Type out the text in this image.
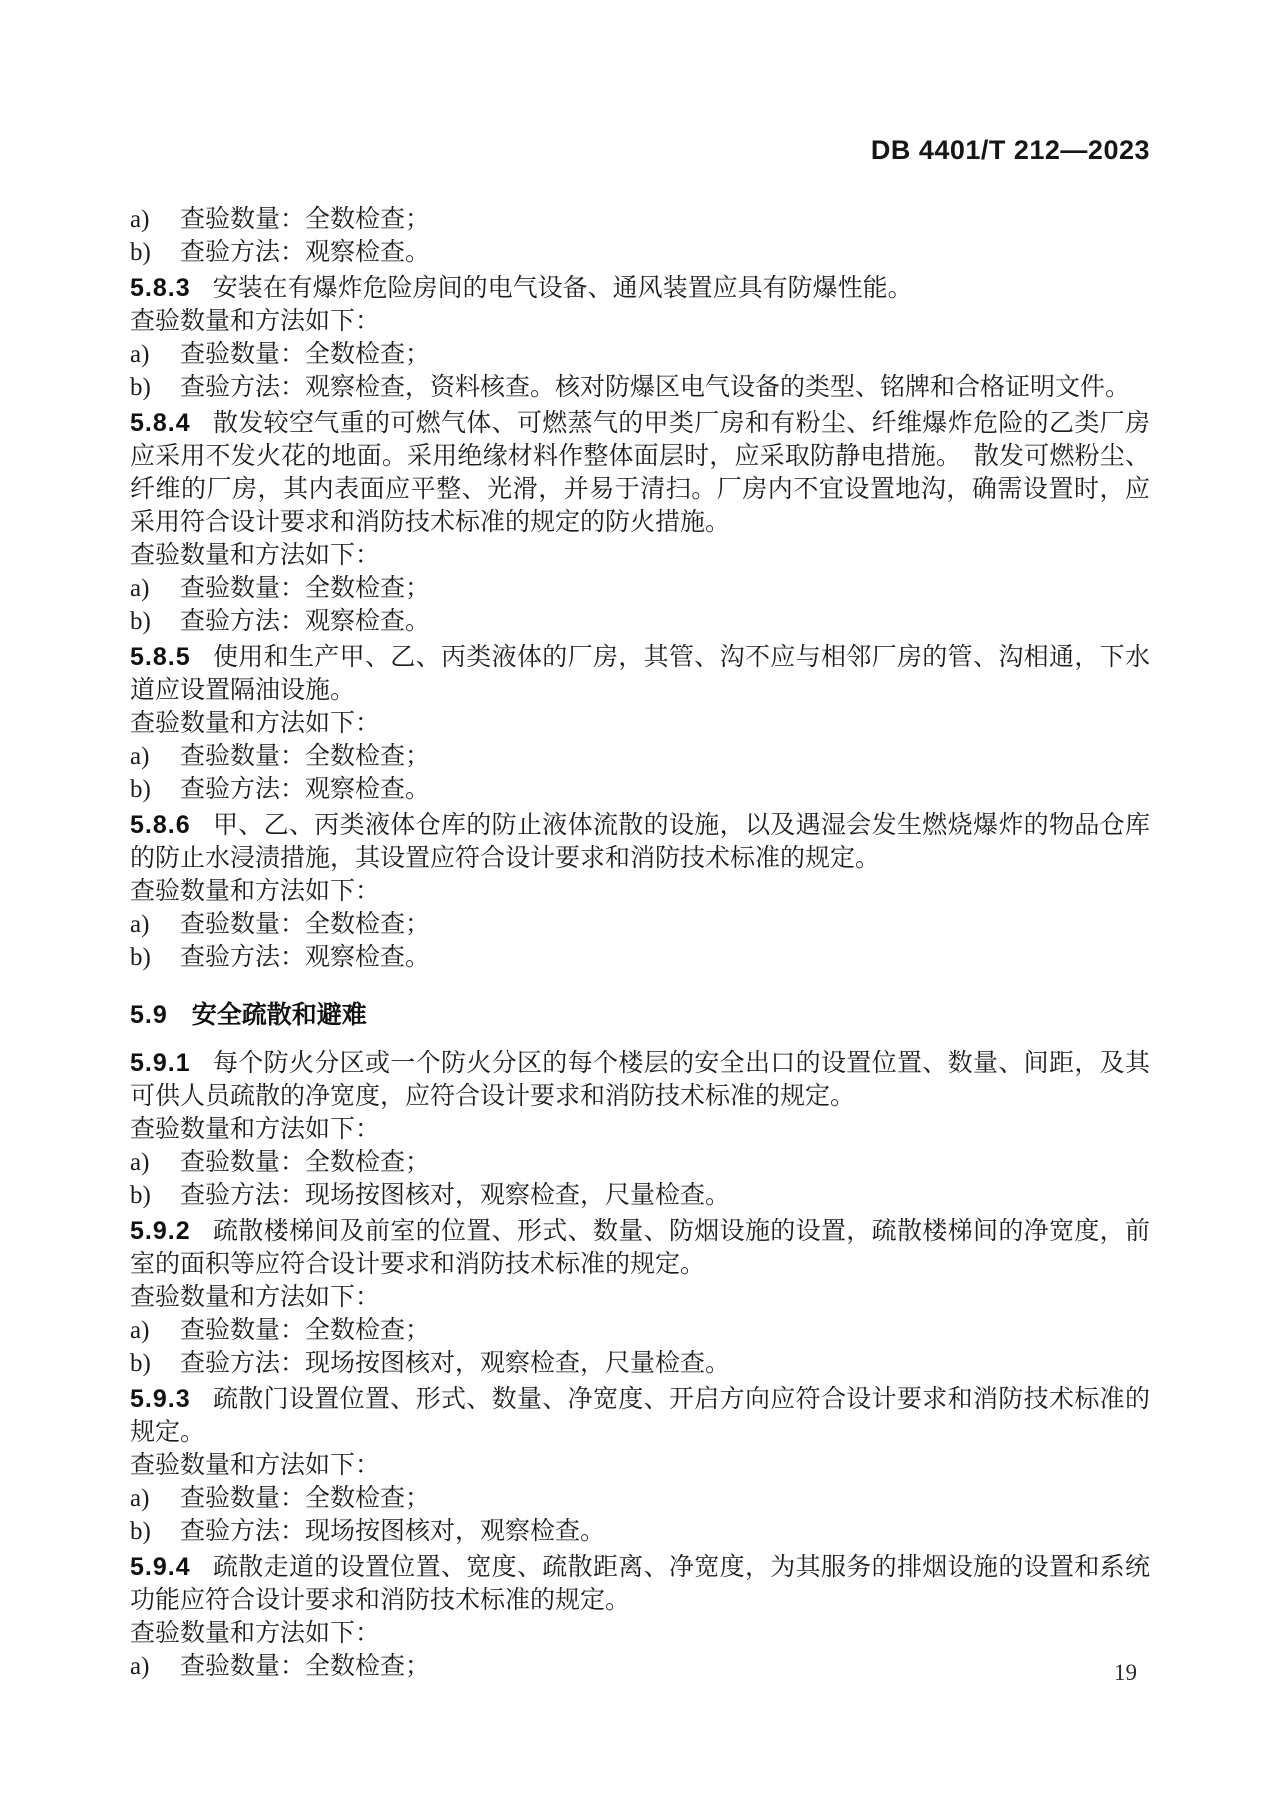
DB 4401/T 212—2023
a) 查验数量：全数检查；
b) 查验方法：观察检查。

5.8.3 安装在有爆炸危险房间的电气设备、通风装置应具有防爆性能。

查验数量和方法如下：

a) 查验数量：全数检查；
b) 查验方法：观察检查，资料核查。核对防爆区电气设备的类型、铭牌和合格证明文件。

5.8.4 散发较空气重的可燃气体、可燃蒸气的甲类厂房和有粉尘、纤维爆炸危险的乙类厂房应采用不发火花的地面。采用绝缘材料作整体面层时，应采取防静电措施。　散发可燃粉尘、纤维的厂房，其内表面应平整、光滑，并易于清扫。厂房内不宜设置地沟，确需设置时，应采用符合设计要求和消防技术标准的规定的防火措施。

查验数量和方法如下：

a) 查验数量：全数检查；
b) 查验方法：观察检查。

5.8.5 使用和生产甲、乙、丙类液体的厂房，其管、沟不应与相邻厂房的管、沟相通，下水道应设置隔油设施。

查验数量和方法如下：

a) 查验数量：全数检查；
b) 查验方法：观察检查。

5.8.6 甲、乙、丙类液体仓库的防止液体流散的设施，以及遇湿会发生燃烧爆炸的物品仓库的防止水浸渍措施，其设置应符合设计要求和消防技术标准的规定。

查验数量和方法如下：

a) 查验数量：全数检查；
b) 查验方法：观察检查。
5.9 安全疏散和避难

5.9.1 每个防火分区或一个防火分区的每个楼层的安全出口的设置位置、数量、间距，及其可供人员疏散的净宽度，应符合设计要求和消防技术标准的规定。

查验数量和方法如下：

a) 查验数量：全数检查；
b) 查验方法：现场按图核对，观察检查，尺量检查。

5.9.2 疏散楼梯间及前室的位置、形式、数量、防烟设施的设置，疏散楼梯间的净宽度，前室的面积等应符合设计要求和消防技术标准的规定。

查验数量和方法如下：

a) 查验数量：全数检查；
b) 查验方法：现场按图核对，观察检查，尺量检查。

5.9.3 疏散门设置位置、形式、数量、净宽度、开启方向应符合设计要求和消防技术标准的规定。

查验数量和方法如下：

a) 查验数量：全数检查；
b) 查验方法：现场按图核对，观察检查。

5.9.4 疏散走道的设置位置、宽度、疏散距离、净宽度，为其服务的排烟设施的设置和系统功能应符合设计要求和消防技术标准的规定。

查验数量和方法如下：

a) 查验数量：全数检查；	19
